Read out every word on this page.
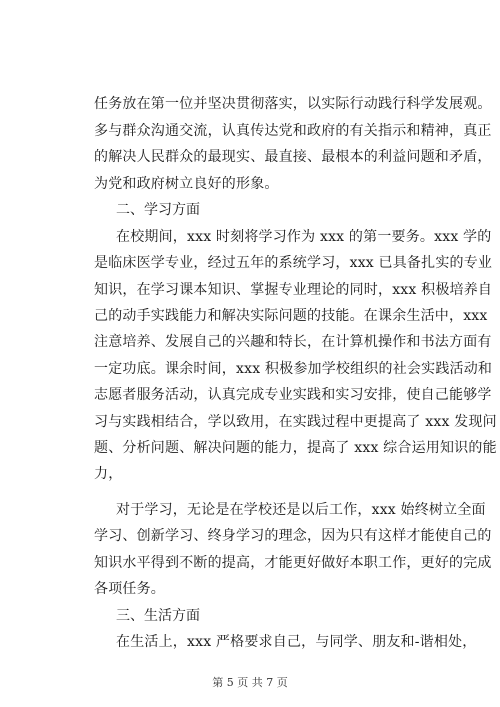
任务放在第一位并坚决贯彻落实，以实际行动践行科学发展观。
多与群众沟通交流，认真传达党和政府的有关指示和精神，真正
的解决人民群众的最现实、最直接、最根本的利益问题和矛盾，
为党和政府树立良好的形象。
二、学习方面
在校期间，xxx 时刻将学习作为 xxx 的第一要务。xxx 学的
是临床医学专业，经过五年的系统学习，xxx 已具备扎实的专业
知识，在学习课本知识、掌握专业理论的同时，xxx 积极培养自
己的动手实践能力和解决实际问题的技能。在课余生活中，xxx
注意培养、发展自己的兴趣和特长，在计算机操作和书法方面有
一定功底。课余时间，xxx 积极参加学校组织的社会实践活动和
志愿者服务活动，认真完成专业实践和实习安排，使自己能够学
习与实践相结合，学以致用，在实践过程中更提高了 xxx 发现问
题、分析问题、解决问题的能力，提高了 xxx 综合运用知识的能
力，
对于学习，无论是在学校还是以后工作，xxx 始终树立全面
学习、创新学习、终身学习的理念，因为只有这样才能使自己的
知识水平得到不断的提高，才能更好做好本职工作，更好的完成
各项任务。
三、生活方面
在生活上，xxx 严格要求自己，与同学、朋友和-谐相处，
第 5 页 共 7 页
